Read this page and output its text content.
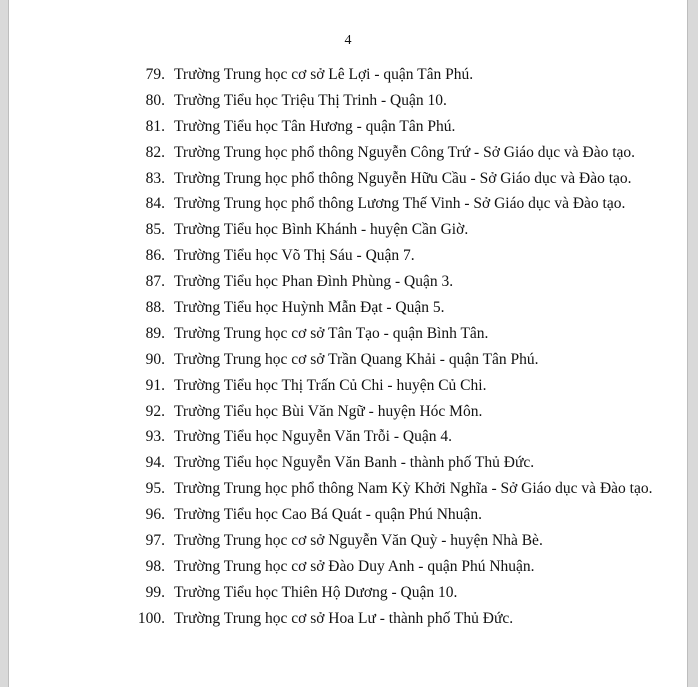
4
79. Trường Trung học cơ sở Lê Lợi - quận Tân Phú.
80. Trường Tiểu học Triệu Thị Trinh - Quận 10.
81. Trường Tiểu học Tân Hương - quận Tân Phú.
82. Trường Trung học phổ thông Nguyễn Công Trứ - Sở Giáo dục và Đào tạo.
83. Trường Trung học phổ thông Nguyễn Hữu Cầu - Sở Giáo dục và Đào tạo.
84. Trường Trung học phổ thông Lương Thế Vinh - Sở Giáo dục và Đào tạo.
85. Trường Tiểu học Bình Khánh - huyện Cần Giờ.
86. Trường Tiểu học Võ Thị Sáu - Quận 7.
87. Trường Tiểu học Phan Đình Phùng - Quận 3.
88. Trường Tiểu học Huỳnh Mẫn Đạt - Quận 5.
89. Trường Trung học cơ sở Tân Tạo - quận Bình Tân.
90. Trường Trung học cơ sở Trần Quang Khải - quận Tân Phú.
91. Trường Tiểu học Thị Trấn Củ Chi - huyện Củ Chi.
92. Trường Tiểu học Bùi Văn Ngữ - huyện Hóc Môn.
93. Trường Tiểu học Nguyễn Văn Trỗi - Quận 4.
94. Trường Tiểu học Nguyễn Văn Banh - thành phố Thủ Đức.
95. Trường Trung học phổ thông Nam Kỳ Khởi Nghĩa - Sở Giáo dục và Đào tạo.
96. Trường Tiểu học Cao Bá Quát - quận Phú Nhuận.
97. Trường Trung học cơ sở Nguyễn Văn Quỳ - huyện Nhà Bè.
98. Trường Trung học cơ sở Đào Duy Anh - quận Phú Nhuận.
99. Trường Tiểu học Thiên Hộ Dương - Quận 10.
100. Trường Trung học cơ sở Hoa Lư - thành phố Thủ Đức.
